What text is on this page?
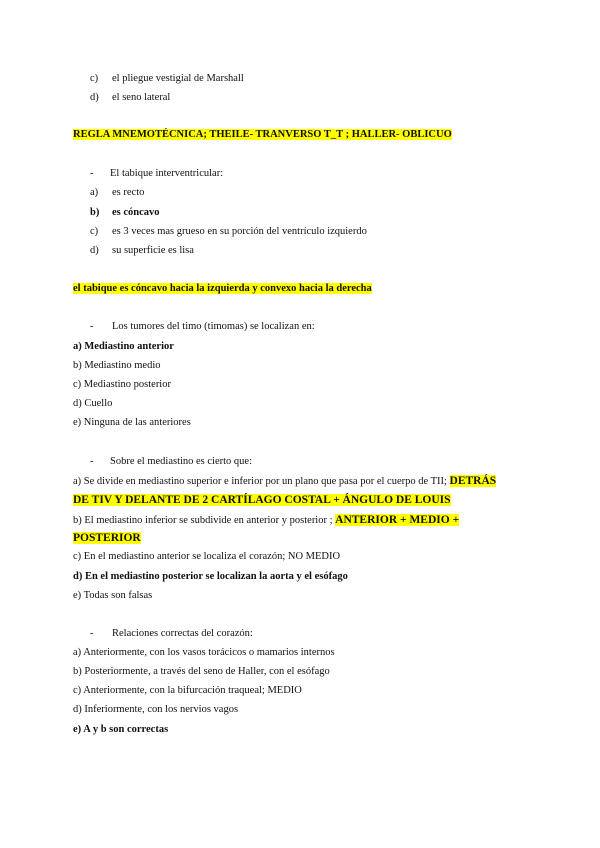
c) el pliegue vestigial de Marshall
d) el seno lateral
REGLA MNEMOTÉCNICA; THEILE- TRANVERSO T_T ; HALLER- OBLICUO
- El tabique interventricular:
a) es recto
b) es cóncavo
c) es 3 veces mas grueso en su porción del ventrículo izquierdo
d) su superficie es lisa
el tabique es cóncavo hacia la izquierda y convexo hacia la derecha
- Los tumores del timo (timomas) se localizan en:
a) Mediastino anterior
b) Mediastino medio
c) Mediastino posterior
d) Cuello
e) Ninguna de las anteriores
- Sobre el mediastino es cierto que:
a) Se divide en mediastino superior e inferior por un plano que pasa por el cuerpo de TII; DETRÁS
DE TIV Y DELANTE DE 2 CARTÍLAGO COSTAL + ÁNGULO DE LOUIS
b) El mediastino inferior se subdivide en anterior y posterior ; ANTERIOR + MEDIO +
POSTERIOR
c) En el mediastino anterior se localiza el corazón; NO MEDIO
d) En el mediastino posterior se localizan la aorta y el esófago
e) Todas son falsas
- Relaciones correctas del corazón:
a) Anteriormente, con los vasos torácicos o mamarios internos
b) Posteriormente, a través del seno de Haller, con el esófago
c) Anteriormente, con la bifurcación traqueal; MEDIO
d) Inferiormente, con los nervios vagos
e) A y b son correctas
